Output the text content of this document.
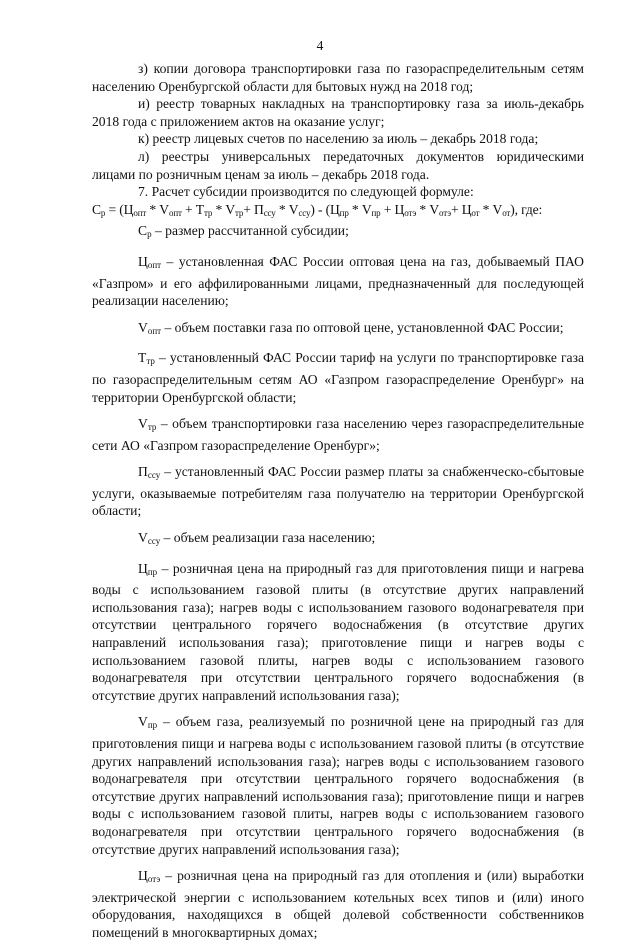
4

з) копии договора транспортировки газа по газораспределительным сетям населению Оренбургской области для бытовых нужд на 2018 год;

и) реестр товарных накладных на транспортировку газа за июль-декабрь 2018 года с приложением актов на оказание услуг;

к) реестр лицевых счетов по населению за июль – декабрь 2018 года;

л) реестры универсальных передаточных документов юридическими лицами по розничным ценам за июль – декабрь 2018 года.

7. Расчет субсидии производится по следующей формуле:

$С_р = (Ц_{опт} * V_{опт} + Т_{тр} * V_{тр}+ П_{ссу} * V_{ссу}) - (Ц_{пр} * V_{пр} + Ц_{отэ} * V_{отэ}+ Ц_{от} * V_{от})$, где:

$С_р$ – размер рассчитанной субсидии;

$Ц_{опт}$ – установленная ФАС России оптовая цена на газ, добываемый ПАО «Газпром» и его аффилированными лицами, предназначенный для последующей реализации населению;

$V_{опт}$ – объем поставки газа по оптовой цене, установленной ФАС России;

$Т_{тр}$ – установленный ФАС России тариф на услуги по транспортировке газа по газораспределительным сетям АО «Газпром газораспределение Оренбург» на территории Оренбургской области;

$V_{тр}$ – объем транспортировки газа населению через газораспределительные сети АО «Газпром газораспределение Оренбург»;

$П_{ссу}$ – установленный ФАС России размер платы за снабженческо-сбытовые услуги, оказываемые потребителям газа получателю на территории Оренбургской области;

$V_{ссу}$ – объем реализации газа населению;

$Ц_{пр}$ – розничная цена на природный газ для приготовления пищи и нагрева воды с использованием газовой плиты (в отсутствие других направлений использования газа); нагрев воды с использованием газового водонагревателя при отсутствии центрального горячего водоснабжения (в отсутствие других направлений использования газа); приготовление пищи и нагрев воды с использованием газовой плиты, нагрев воды с использованием газового водонагревателя при отсутствии центрального горячего водоснабжения (в отсутствие других направлений использования газа);

$V_{пр}$ – объем газа, реализуемый по розничной цене на природный газ для приготовления пищи и нагрева воды с использованием газовой плиты (в отсутствие других направлений использования газа); нагрев воды с использованием газового водонагревателя при отсутствии центрального горячего водоснабжения (в отсутствие других направлений использования газа); приготовление пищи и нагрев воды с использованием газовой плиты, нагрев воды с использованием газового водонагревателя при отсутствии центрального горячего водоснабжения (в отсутствие других направлений использования газа);

$Ц_{отэ}$ – розничная цена на природный газ для отопления и (или) выработки электрической энергии с использованием котельных всех типов и (или) иного оборудования, находящихся в общей долевой собственности собственников помещений в многоквартирных домах;
